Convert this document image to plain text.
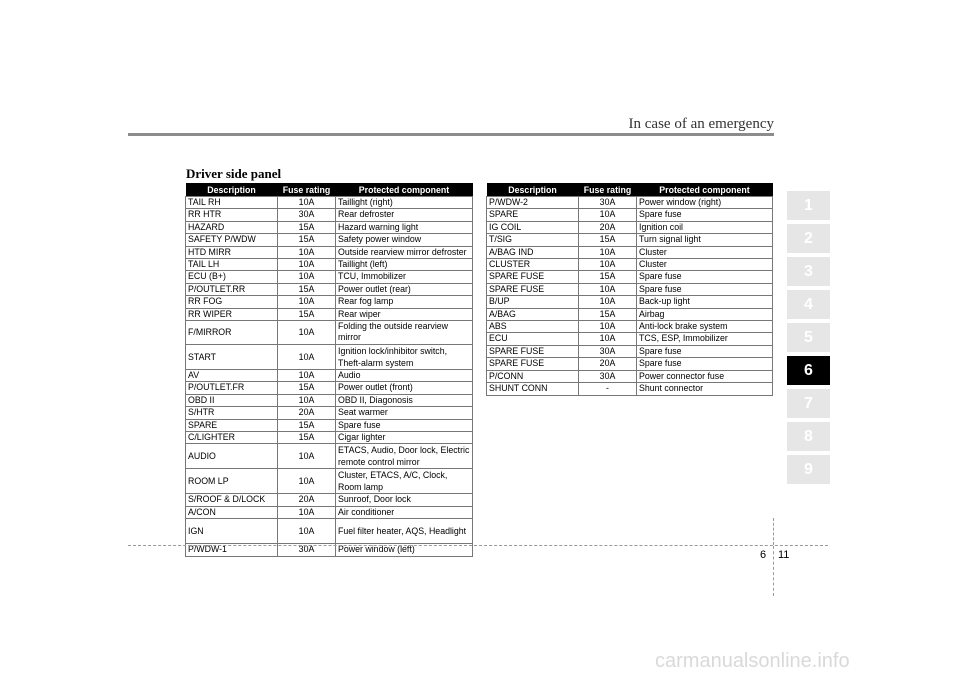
In case of an emergency
Driver side panel
Description	Fuse rating	Protected component
TAIL RH	10A	Taillight (right)
RR HTR	30A	Rear defroster
HAZARD	15A	Hazard warning light
SAFETY P/WDW	15A	Safety power window
HTD MIRR	10A	Outside rearview mirror defroster
TAIL LH	10A	Taillight (left)
ECU (B+)	10A	TCU, Immobilizer
P/OUTLET.RR	15A	Power outlet (rear)
RR FOG	10A	Rear fog lamp
RR WIPER	15A	Rear wiper
F/MIRROR	10A	Folding the outside rearview mirror
START	10A	Ignition lock/inhibitor switch, Theft-alarm system
AV	10A	Audio
P/OUTLET.FR	15A	Power outlet (front)
OBD II	10A	OBD II, Diagonosis
S/HTR	20A	Seat warmer
SPARE	15A	Spare fuse
C/LIGHTER	15A	Cigar lighter
AUDIO	10A	ETACS, Audio, Door lock, Electric remote control mirror
ROOM LP	10A	Cluster, ETACS, A/C, Clock, Room lamp
S/ROOF & D/LOCK	20A	Sunroof, Door lock
A/CON	10A	Air conditioner
IGN	10A	Fuel filter heater, AQS, Headlight
P/WDW-1	30A	Power window (left)
Description	Fuse rating	Protected component
P/WDW-2	30A	Power window (right)
SPARE	10A	Spare fuse
IG COIL	20A	Ignition coil
T/SIG	15A	Turn signal light
A/BAG IND	10A	Cluster
CLUSTER	10A	Cluster
SPARE FUSE	15A	Spare fuse
SPARE FUSE	10A	Spare fuse
B/UP	10A	Back-up light
A/BAG	15A	Airbag
ABS	10A	Anti-lock brake system
ECU	10A	TCS, ESP, Immobilizer
SPARE FUSE	30A	Spare fuse
SPARE FUSE	20A	Spare fuse
P/CONN	30A	Power connector fuse
SHUNT CONN	-	Shunt connector
1
2
3
4
5
6
7
8
9
6 11
carmanualsonline.info
